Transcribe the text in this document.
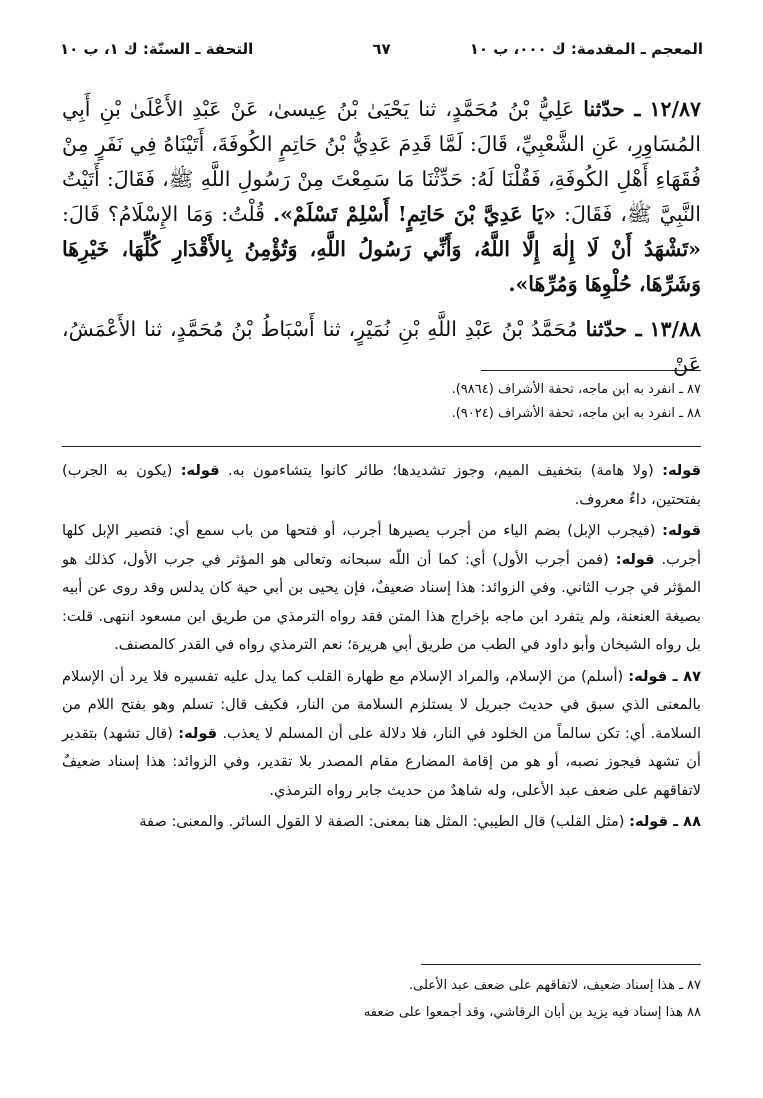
المعجم ـ المقدمة: ك ٠٠٠، ب ١٠
٦٧
التحفة ـ السنّة: ك ١، ب ١٠

١٢/٨٧ ـ حدّثنا عَلِيُّ بْنُ مُحَمَّدٍ، ثنا يَحْيَىٰ بْنُ عِيسىٰ، عَنْ عَبْدِ الأَعْلَىٰ بْنِ أَبِي المُسَاوِرِ، عَنِ الشَّعْبِيِّ، قَالَ: لَمَّا قَدِمَ عَدِيُّ بْنُ حَاتِمٍ الكُوفَةَ، أَتَيْنَاهُ فِي نَفَرٍ مِنْ فُقَهَاءِ أَهْلِ الكُوفَةِ، فَقُلْنَا لَهُ: حَدِّثْنَا مَا سَمِعْتَ مِنْ رَسُولِ اللَّهِ ﷺ، فَقَالَ: أَتَيْتُ النَّبِيَّ ﷺ، فَقَالَ: «يَا عَدِيَّ بْنَ حَاتِمٍ! أَسْلِمْ تَسْلَمْ». قُلْتُ: وَمَا الإِسْلَامُ؟ قَالَ: «تَشْهَدُ أَنْ لَا إِلٰهَ إِلَّا اللَّهُ، وَأَنِّي رَسُولُ اللَّهِ، وَتُؤْمِنُ بِالأَقْدَارِ كُلِّهَا، خَيْرِهَا وَشَرِّهَا، حُلْوِهَا وَمُرِّهَا».

١٣/٨٨ ـ حدّثنا مُحَمَّدُ بْنُ عَبْدِ اللَّهِ بْنِ نُمَيْرٍ، ثنا أَسْبَاطُ بْنُ مُحَمَّدٍ، ثنا الأَعْمَشُ، عَنْ

٨٧ ـ انفرد به ابن ماجه، تحفة الأشراف (٩٨٦٤).
٨٨ ـ انفرد به ابن ماجه، تحفة الأشراف (٩٠٢٤).

قوله: (ولا هامة) بتخفيف الميم، وجوز تشديدها؛ طائر كانوا يتشاءمون به. قوله: (يكون به الجرب) بفتحتين، داءٌ معروف.

قوله: (فيجرب الإبل) بضم الياء من أجرب يصيرها أجرب، أو فتحها من باب سمع أي: فتصير الإبل كلها أجرب. قوله: (فمن أجرب الأول) أي: كما أن اللّه سبحانه وتعالى هو المؤثر في جرب الأول، كذلك هو المؤثر في جرب الثاني. وفي الزوائد: هذا إسناد ضعيفٌ، فإن يحيى بن أبي حية كان يدلس وقد روى عن أبيه بصيغة العنعنة، ولم يتفرد ابن ماجه بإخراج هذا المتن فقد رواه الترمذي من طريق ابن مسعود انتهى. قلت: بل رواه الشيخان وأبو داود في الطب من طريق أبي هريرة؛ نعم الترمذي رواه في القدر كالمصنف.

٨٧ ـ قوله: (أسلم) من الإسلام، والمراد الإسلام مع طهارة القلب كما يدل عليه تفسيره فلا يرد أن الإسلام بالمعنى الذي سبق في حديث جبريل لا يستلزم السلامة من النار، فكيف قال: تسلم وهو بفتح اللام من السلامة. أي: تكن سالماً من الخلود في النار، فلا دلالة على أن المسلم لا يعذب. قوله: (قال تشهد) بتقدير أن تشهد فيجوز نصبه، أو هو من إقامة المضارع مقام المصدر بلا تقدير، وفي الزوائد: هذا إسناد ضعيفٌ لاتفاقهم على ضعف عبد الأعلى، وله شاهدٌ من حديث جابر رواه الترمذي.

٨٨ ـ قوله: (مثل القلب) قال الطيبي: المثل هنا بمعنى: الصفة لا القول السائر. والمعنى: صفة

٨٧ ـ هذا إسناد ضعيف، لاتفاقهم على ضعف عبد الأعلى.
٨٨ هذا إسناد فيه يزيد بن أبان الرقاشي، وقد أجمعوا على ضعفه
